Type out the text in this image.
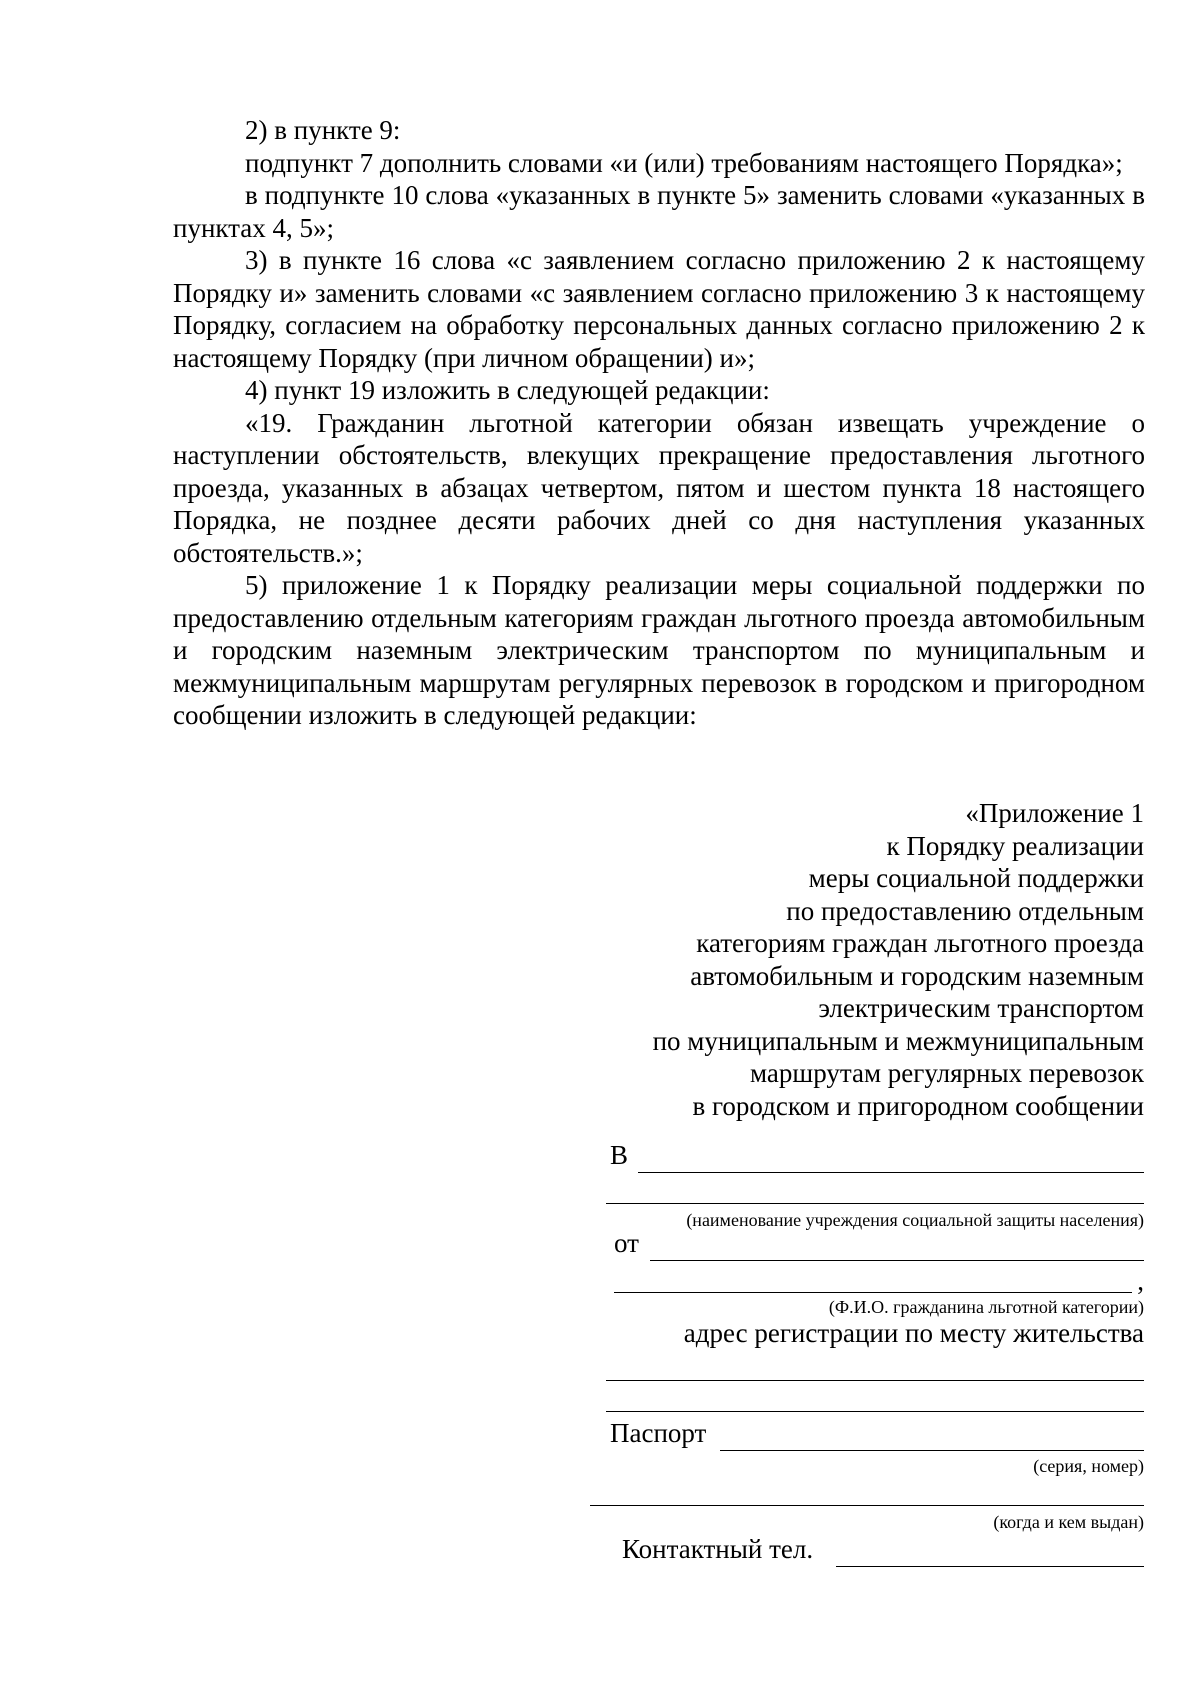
2) в пункте 9:

подпункт 7 дополнить словами «и (или) требованиям настоящего Порядка»;

в подпункте 10 слова «указанных в пункте 5» заменить словами «указанных в пунктах 4, 5»;

3) в пункте 16 слова «с заявлением согласно приложению 2 к настоящему Порядку и» заменить словами «с заявлением согласно приложению 3 к настоящему Порядку, согласием на обработку персональных данных согласно приложению 2 к настоящему Порядку (при личном обращении) и»;

4) пункт 19 изложить в следующей редакции:

«19. Гражданин льготной категории обязан извещать учреждение о наступлении обстоятельств, влекущих прекращение предоставления льготного проезда, указанных в абзацах четвертом, пятом и шестом пункта 18 настоящего Порядка, не позднее десяти рабочих дней со дня наступления указанных обстоятельств.»;

5) приложение 1 к Порядку реализации меры социальной поддержки по предоставлению отдельным категориям граждан льготного проезда автомобильным и городским наземным электрическим транспортом по муниципальным и межмуниципальным маршрутам регулярных перевозок в городском и пригородном сообщении изложить в следующей редакции:

«Приложение 1
к Порядку реализации
меры социальной поддержки
по предоставлению отдельным
категориям граждан льготного проезда
автомобильным и городским наземным
электрическим транспортом
по муниципальным и межмуниципальным
маршрутам регулярных перевозок
в городском и пригородном сообщении
В
(наименование учреждения социальной защиты населения)
от
,
(Ф.И.О. гражданина льготной категории)
адрес регистрации по месту жительства
Паспорт
(серия, номер)
(когда и кем выдан)
Контактный тел.
